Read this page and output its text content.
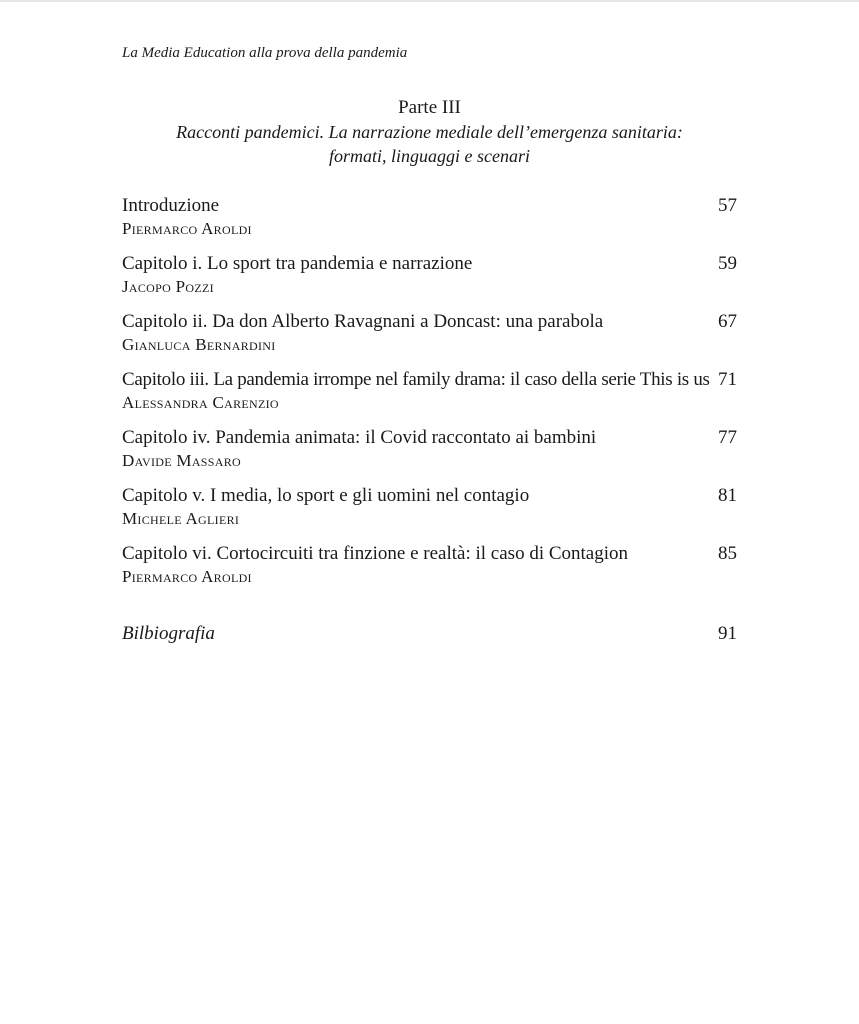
La Media Education alla prova della pandemia
Parte III
Racconti pandemici. La narrazione mediale dell’emergenza sanitaria:
formati, linguaggi e scenari
Introduzione
Piermarco Aroldi
57
Capitolo i. Lo sport tra pandemia e narrazione
Jacopo Pozzi
59
Capitolo ii. Da don Alberto Ravagnani a Doncast: una parabola
Gianluca Bernardini
67
Capitolo iii. La pandemia irrompe nel family drama: il caso della serie This is us
Alessandra Carenzio
71
Capitolo iv. Pandemia animata: il Covid raccontato ai bambini
Davide Massaro
77
Capitolo v. I media, lo sport e gli uomini nel contagio
Michele Aglieri
81
Capitolo vi. Cortocircuiti tra finzione e realtà: il caso di Contagion
Piermarco Aroldi
85
Bilbiografia	91
